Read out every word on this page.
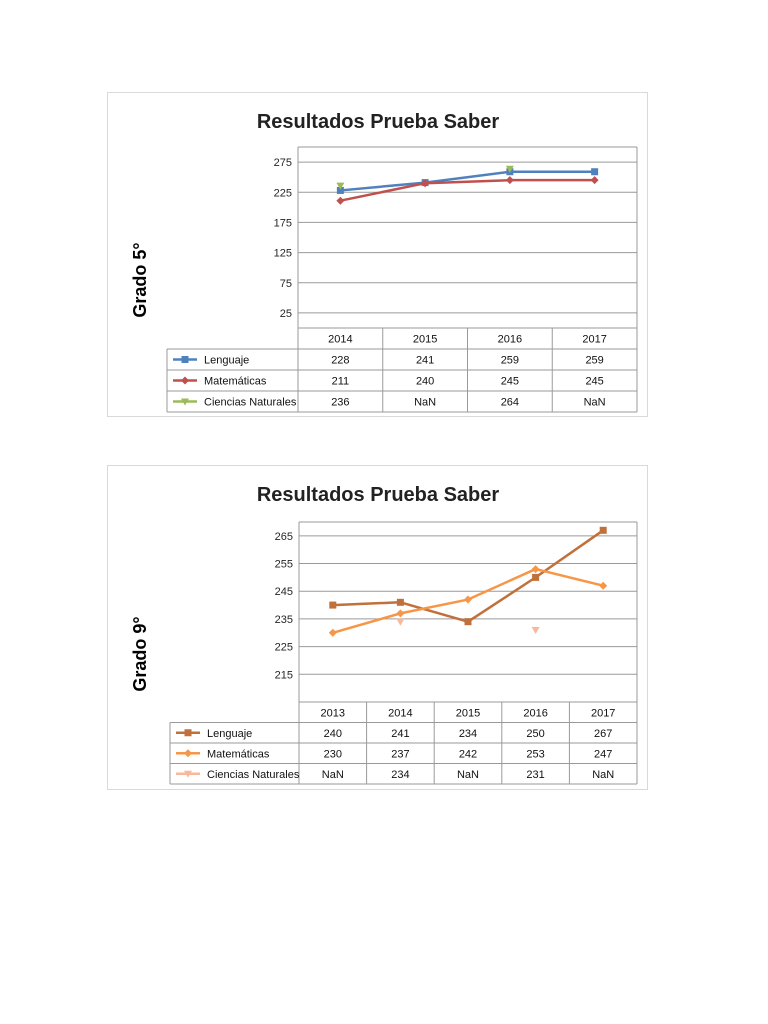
Resultados Prueba Saber
Grado 5°	25
75
125
175
225
275
2014	2015	2016	2017
Lenguaje	228	241	259	259
Matemáticas	211	240	245	245
Ciencias Naturales	236	NaN	264	NaN
Resultados Prueba Saber
Grado 9°	215
225
235
245
255
265
2013	2014	2015	2016	2017
Lenguaje	240	241	234	250	267
Matemáticas	230	237	242	253	247
Ciencias Naturales NaN	234	NaN	231	NaN
